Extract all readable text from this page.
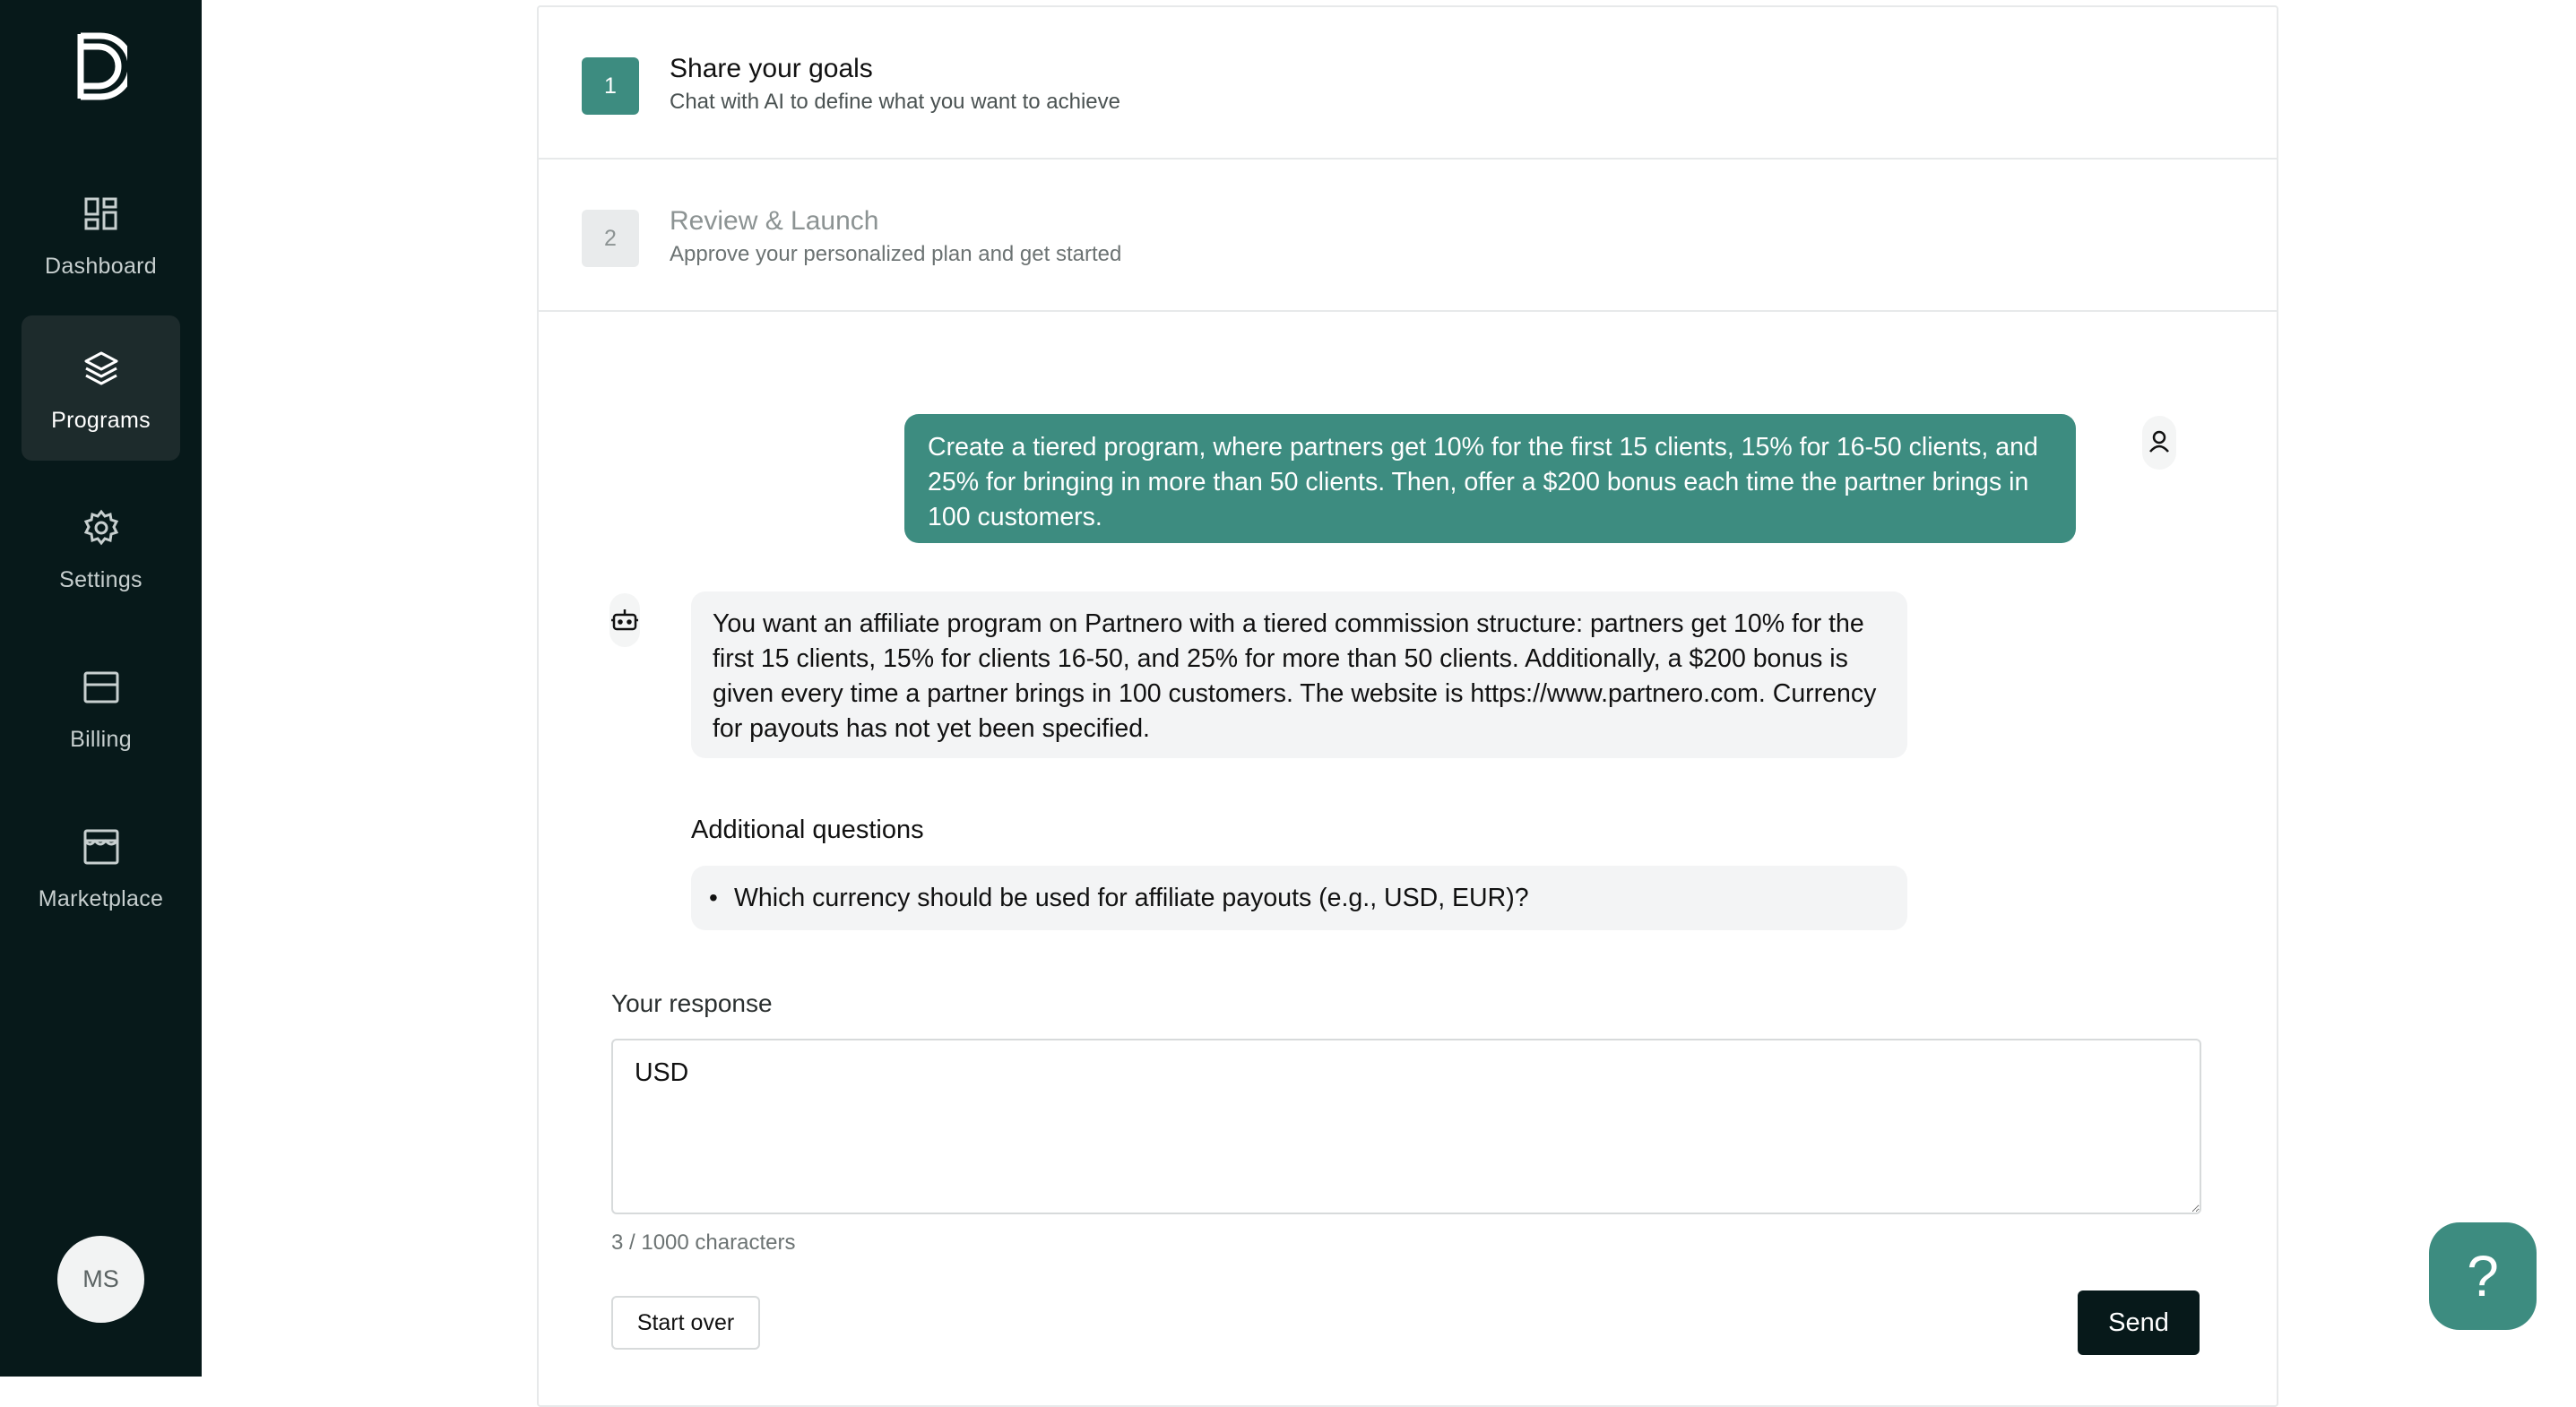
Dashboard
Programs
Settings
Billing
Marketplace
MS
1
Share your goals
Chat with AI to define what you want to achieve
2
Review & Launch
Approve your personalized plan and get started
Create a tiered program, where partners get 10% for the first 15 clients, 15% for 16-50 clients, and 25% for bringing in more than 50 clients. Then, offer a $200 bonus each time the partner brings in 100 customers.
You want an affiliate program on Partnero with a tiered commission structure: partners get 10% for the first 15 clients, 15% for clients 16-50, and 25% for more than 50 clients. Additionally, a $200 bonus is given every time a partner brings in 100 customers. The website is https://www.partnero.com. Currency for payouts has not yet been specified.
Additional questions
• Which currency should be used for affiliate payouts (e.g., USD, EUR)?
Your response
USD
3 / 1000 characters
Start over	Send
?
